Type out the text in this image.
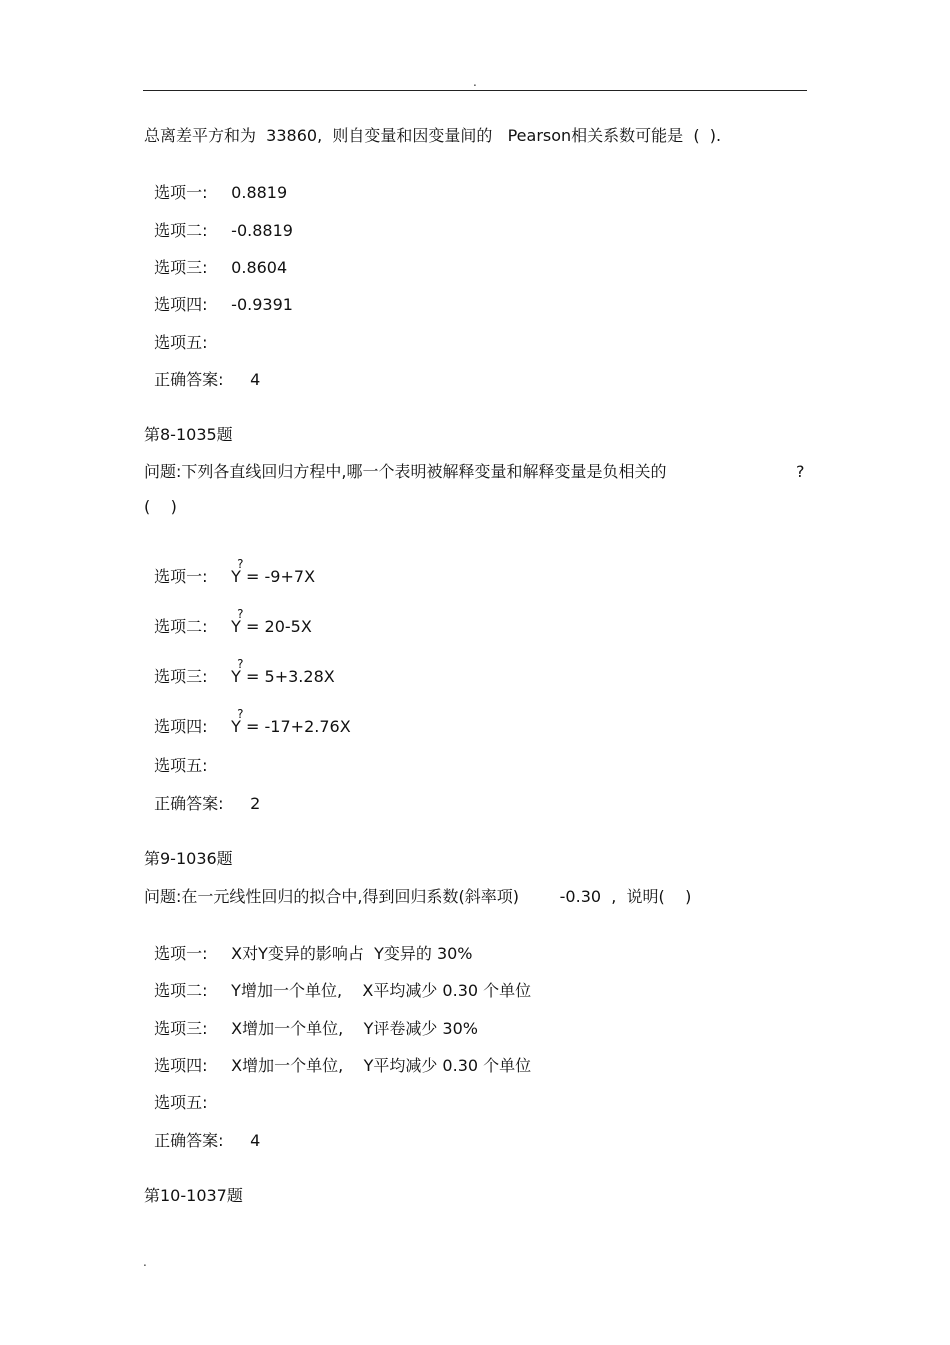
.
总离差平方和为  33860,  则自变量和因变量间的   Pearson相关系数可能是  (  ).

选项一: 0.8819

选项二: -0.8819

选项三: 0.8604

选项四: -0.9391

选项五:

正确答案: 4

第8-1035题
问题:下列各直线回归方程中,哪一个表明被解释变量和解释变量是负相关的	?
(    )

选项一: Y
?
= -9+7X

选项二: Y
?
= 20-5X

选项三: Y
?
= 5+3.28X

选项四: Y
?
= -17+2.76X

选项五:

正确答案: 2

第9-1036题
问题:在一元线性回归的拟合中,得到回归系数(斜率项)        -0.30  ,  说明(    )

选项一: X对Y变异的影响占  Y变异的 30%

选项二: Y增加一个单位,    X平均减少 0.30 个单位

选项三: X增加一个单位,    Y评卷减少 30%

选项四: X增加一个单位,    Y平均减少 0.30 个单位

选项五:

正确答案: 4

第10-1037题
.
